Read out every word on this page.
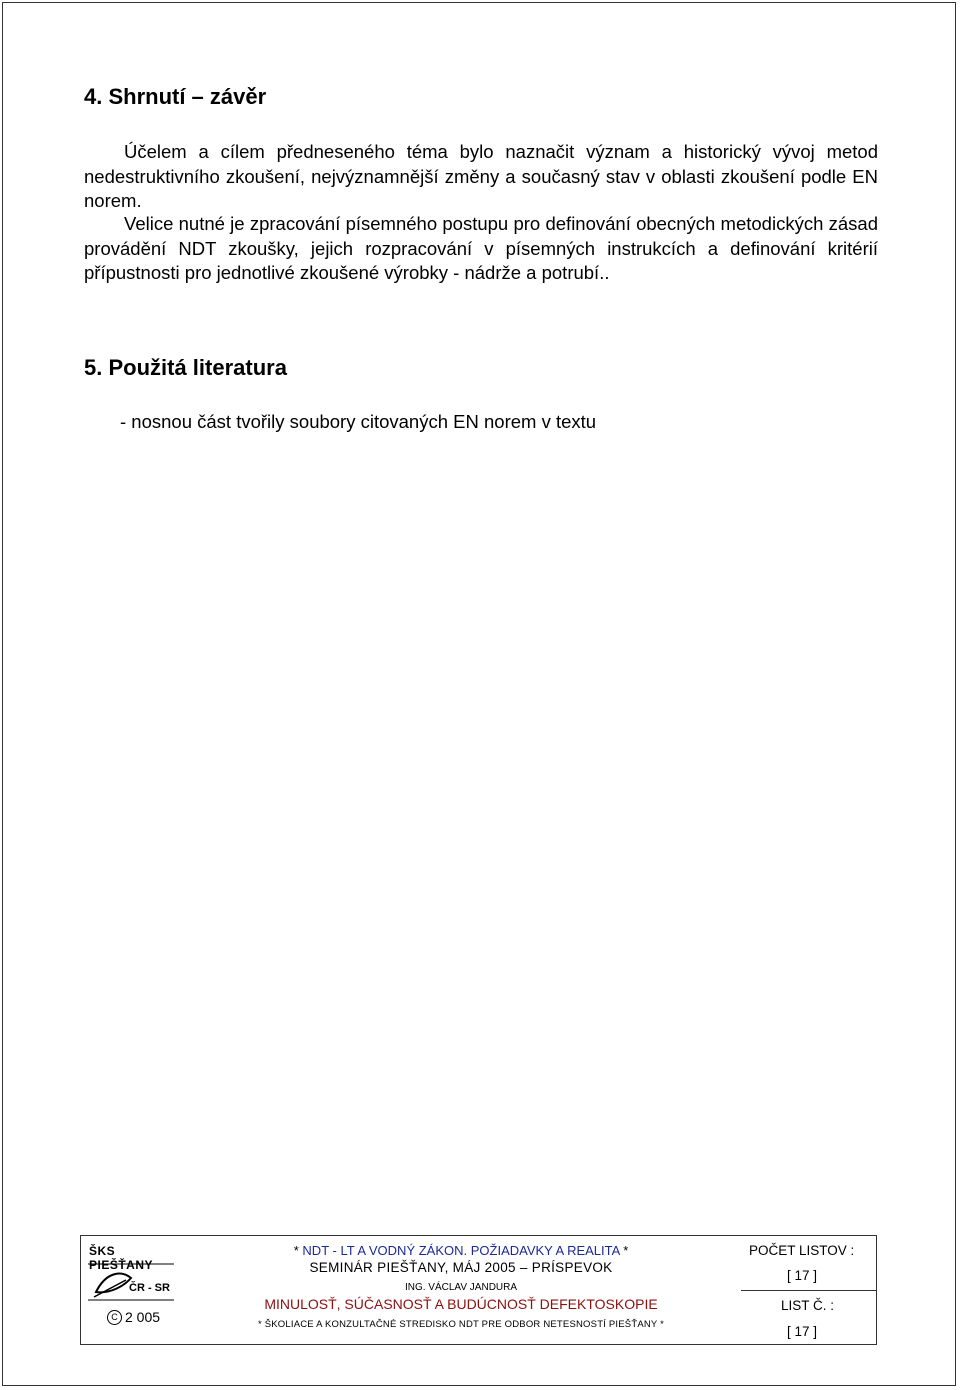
4. Shrnutí – závěr

Účelem a cílem předneseného téma bylo naznačit význam a historický vývoj metod nedestruktivního zkoušení, nejvýznamnější změny a současný stav v oblasti zkoušení podle EN norem.

Velice nutné je zpracování písemného postupu pro definování obecných metodických zásad provádění NDT zkoušky, jejich rozpracování v písemných instrukcích a definování kritérií přípustnosti pro jednotlivé zkoušené výrobky - nádrže a potrubí..

5. Použitá literatura

- nosnou část tvořily soubory citovaných EN norem v textu

ŠKS PIEŠŤANY
ČR - SR
C 2 005
* NDT - LT A VODNÝ ZÁKON. POŽIADAVKY A REALITA *
SEMINÁR PIEŠŤANY, MÁJ 2005 – PRÍSPEVOK
ING. VÁCLAV JANDURA
MINULOSŤ, SÚČASNOSŤ A BUDÚCNOSŤ DEFEKTOSKOPIE
* ŠKOLIACE A KONZULTAČNÉ STREDISKO NDT PRE ODBOR NETESNOSTÍ PIEŠŤANY *
POČET LISTOV :
[ 17 ]
LIST Č. :
[ 17 ]
